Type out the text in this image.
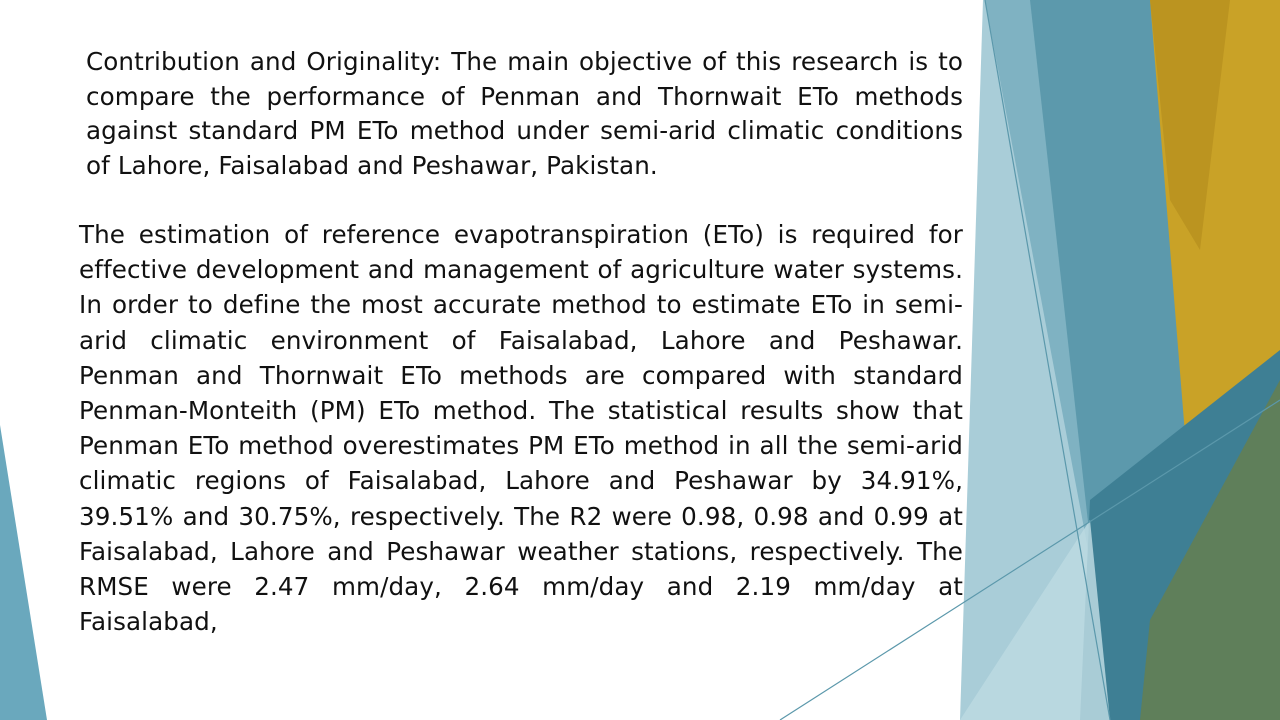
Contribution and Originality: The main objective of this research is to compare the performance of Penman and Thornwait ETo methods against standard PM ETo method under semi-arid climatic conditions of Lahore, Faisalabad and Peshawar, Pakistan.

The estimation of reference evapotranspiration (ETo) is required for effective development and management of agriculture water systems. In order to define the most accurate method to estimate ETo in semi-arid climatic environment of Faisalabad, Lahore and Peshawar. Penman and Thornwait ETo methods are compared with standard Penman-Monteith (PM) ETo method. The statistical results show that Penman ETo method overestimates PM ETo method in all the semi-arid climatic regions of Faisalabad, Lahore and Peshawar by 34.91%, 39.51% and 30.75%, respectively. The R2 were 0.98, 0.98 and 0.99 at Faisalabad, Lahore and Peshawar weather stations, respectively. The RMSE were 2.47 mm/day, 2.64 mm/day and 2.19 mm/day at Faisalabad,
